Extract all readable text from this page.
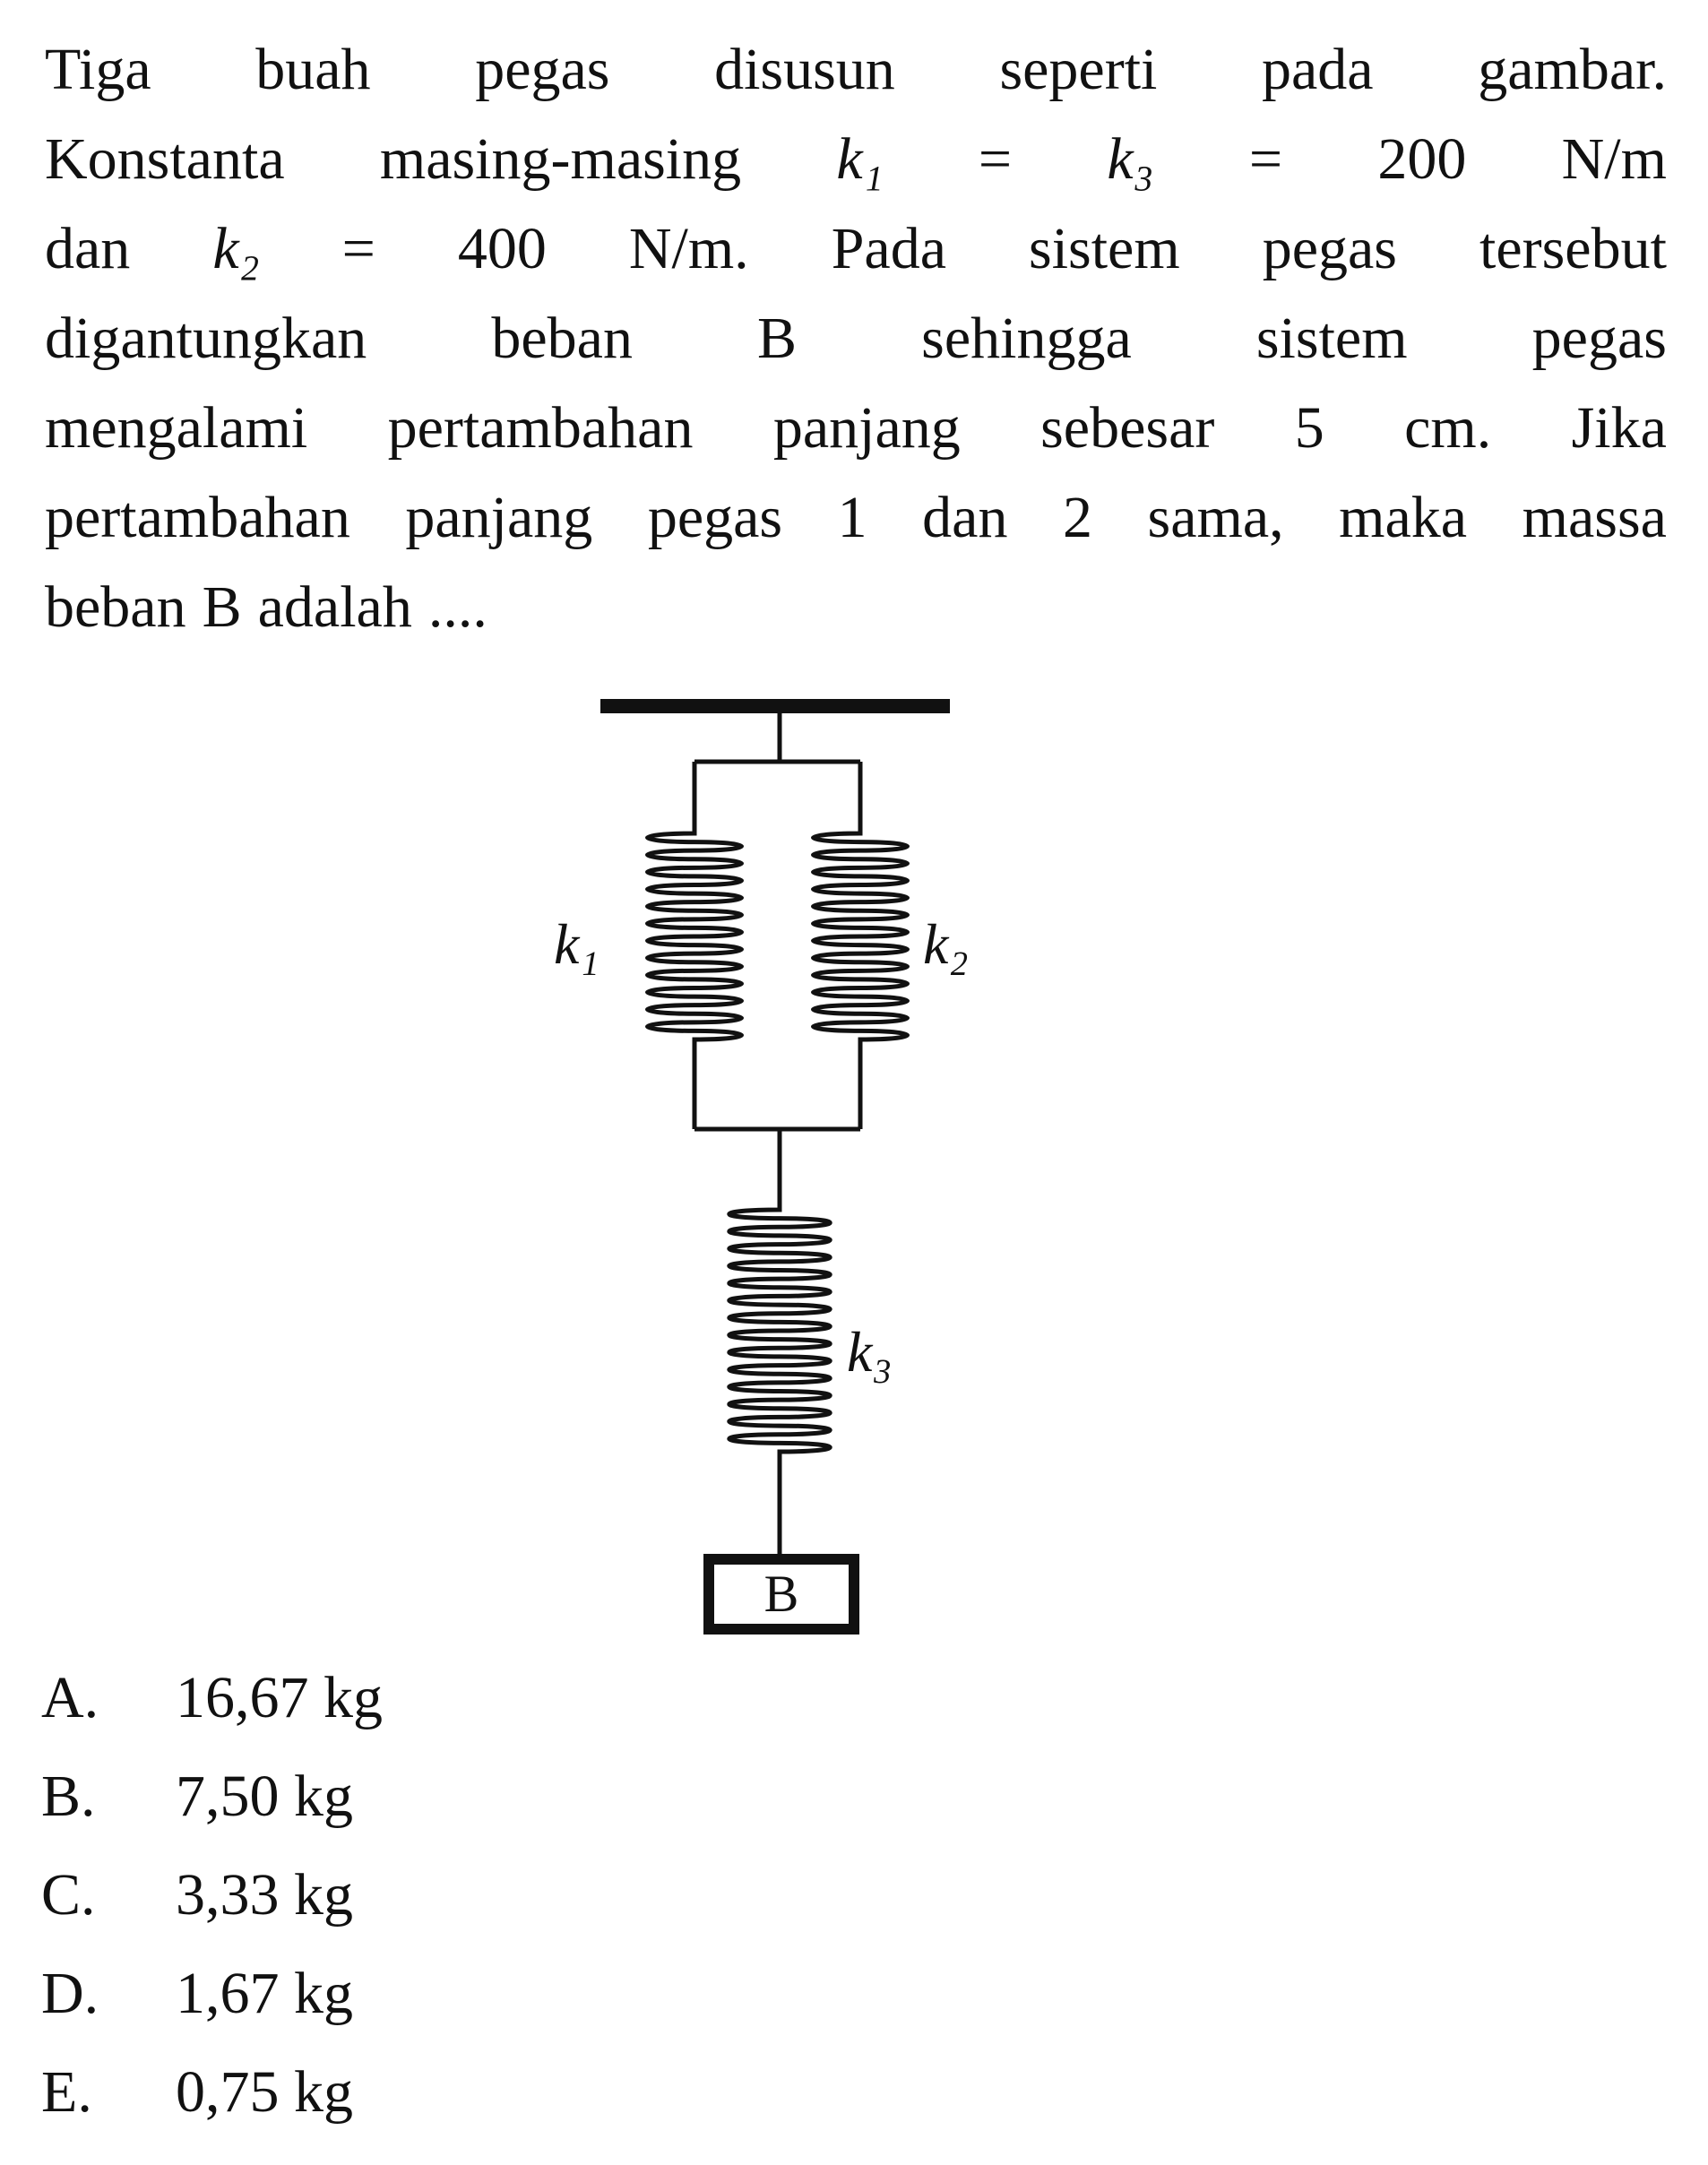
Tiga buah pegas disusun seperti pada gambar.
Konstanta masing-masing k₁ = k₃ = 200 N/m
dan k₂ = 400 N/m. Pada sistem pegas tersebut
digantungkan beban B sehingga sistem pegas
mengalami pertambahan panjang sebesar 5 cm. Jika
pertambahan panjang pegas 1 dan 2 sama, maka massa
beban B adalah ....
B
k₁	k₂
k₃
A.	16,67 kg
B.	7,50 kg
C.	3,33 kg
D.	1,67 kg
E.	0,75 kg
